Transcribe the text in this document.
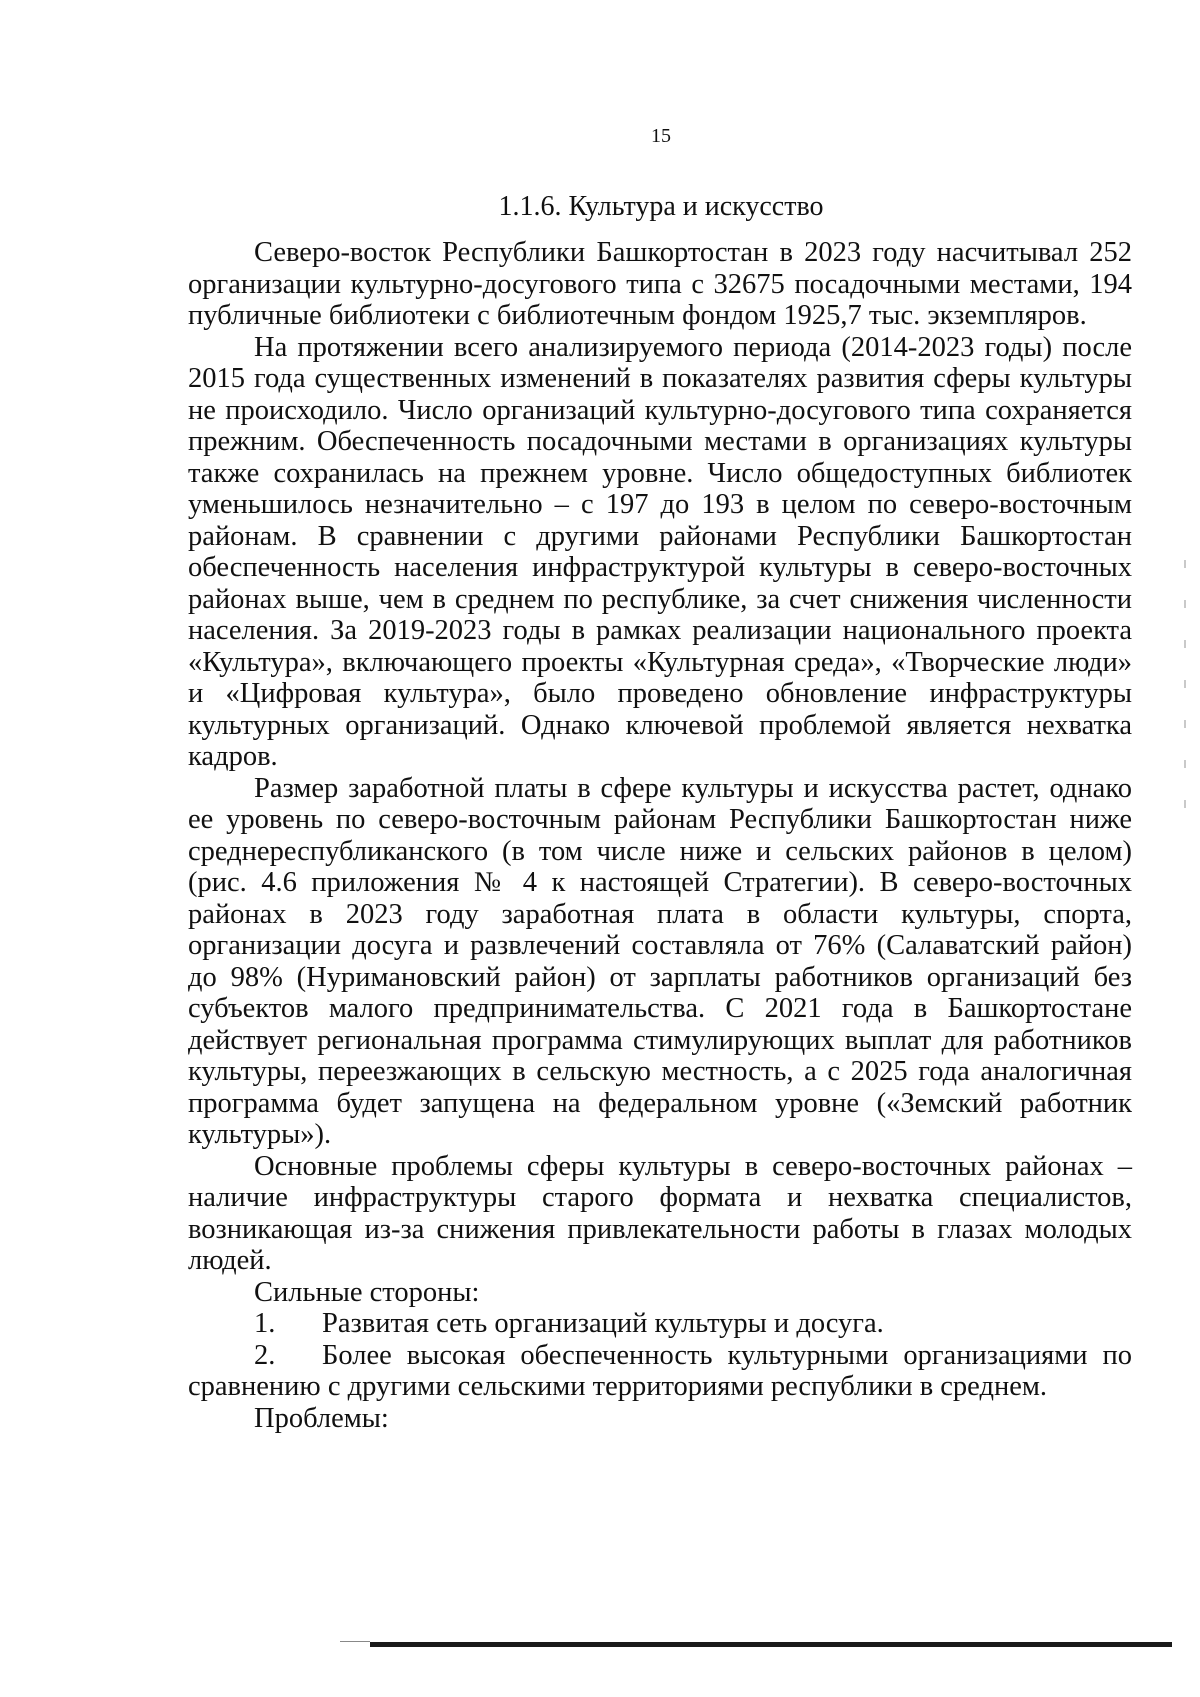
15
1.1.6. Культура и искусство

Северо-восток Республики Башкортостан в 2023 году насчитывал 252 организации культурно-досугового типа с 32675 посадочными местами, 194 публичные библиотеки с библиотечным фондом 1925,7 тыс. экземпляров.

На протяжении всего анализируемого периода (2014-2023 годы) после 2015 года существенных изменений в показателях развития сферы культуры не происходило. Число организаций культурно-досугового типа сохраняется прежним. Обеспеченность посадочными местами в организациях культуры также сохранилась на прежнем уровне. Число общедоступных библиотек уменьшилось незначительно – с 197 до 193 в целом по северо-восточным районам. В сравнении с другими районами Республики Башкортостан обеспеченность населения инфраструктурой культуры в северо-восточных районах выше, чем в среднем по республике, за счет снижения численности населения. За 2019-2023 годы в рамках реализации национального проекта «Культура», включающего проекты «Культурная среда», «Творческие люди» и «Цифровая культура», было проведено обновление инфраструктуры культурных организаций. Однако ключевой проблемой является нехватка кадров.

Размер заработной платы в сфере культуры и искусства растет, однако ее уровень по северо-восточным районам Республики Башкортостан ниже среднереспубликанского (в том числе ниже и сельских районов в целом) (рис. 4.6 приложения № 4 к настоящей Стратегии). В северо-восточных районах в 2023 году заработная плата в области культуры, спорта, организации досуга и развлечений составляла от 76% (Салаватский район) до 98% (Нуримановский район) от зарплаты работников организаций без субъектов малого предпринимательства. С 2021 года в Башкортостане действует региональная программа стимулирующих выплат для работников культуры, переезжающих в сельскую местность, а с 2025 года аналогичная программа будет запущена на федеральном уровне («Земский работник культуры»).

Основные проблемы сферы культуры в северо-восточных районах – наличие инфраструктуры старого формата и нехватка специалистов, возникающая из-за снижения привлекательности работы в глазах молодых людей.

Сильные стороны:

1. Развитая сеть организаций культуры и досуга.

2. Более высокая обеспеченность культурными организациями по сравнению с другими сельскими территориями республики в среднем.

Проблемы:
